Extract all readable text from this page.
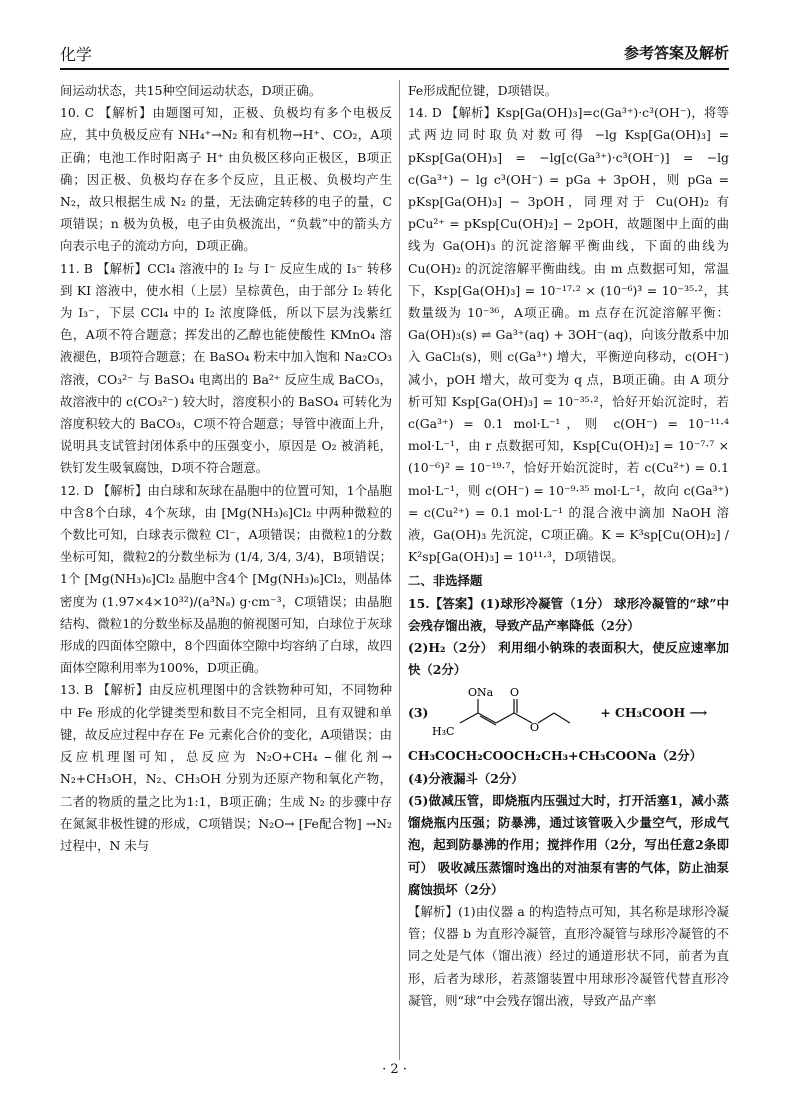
化学	参考答案及解析

间运动状态，共15种空间运动状态，D项正确。

10. C 【解析】由题图可知，正极、负极均有多个电极反应，其中负极反应有 NH₄⁺→N₂ 和有机物→H⁺、CO₂，A项正确；电池工作时阳离子 H⁺ 由负极区移向正极区，B项正确；因正极、负极均存在多个反应，且正极、负极均产生 N₂，故只根据生成 N₂ 的量，无法确定转移的电子的量，C项错误；n 极为负极，电子由负极流出，“负载”中的箭头方向表示电子的流动方向，D项正确。

11. B 【解析】CCl₄ 溶液中的 I₂ 与 I⁻ 反应生成的 I₃⁻ 转移到 KI 溶液中，使水相（上层）呈棕黄色，由于部分 I₂ 转化为 I₃⁻，下层 CCl₄ 中的 I₂ 浓度降低，所以下层为浅紫红色，A项不符合题意；挥发出的乙醇也能使酸性 KMnO₄ 溶液褪色，B项符合题意；在 BaSO₄ 粉末中加入饱和 Na₂CO₃ 溶液，CO₃²⁻ 与 BaSO₄ 电离出的 Ba²⁺ 反应生成 BaCO₃，故溶液中的 c(CO₃²⁻) 较大时，溶度积小的 BaSO₄ 可转化为溶度积较大的 BaCO₃，C项不符合题意；导管中液面上升，说明具支试管封闭体系中的压强变小，原因是 O₂ 被消耗，铁钉发生吸氧腐蚀，D项不符合题意。

12. D 【解析】由白球和灰球在晶胞中的位置可知，1个晶胞中含8个白球，4个灰球，由 [Mg(NH₃)₆]Cl₂ 中两种微粒的个数比可知，白球表示微粒 Cl⁻，A项错误；由微粒1的分数坐标可知，微粒2的分数坐标为 (1/4, 3/4, 3/4)，B项错误；1个 [Mg(NH₃)₆]Cl₂ 晶胞中含4个 [Mg(NH₃)₆]Cl₂，则晶体密度为 (1.97×4×10³²)/(a³Nₐ) g·cm⁻³，C项错误；由晶胞结构、微粒1的分数坐标及晶胞的俯视图可知，白球位于灰球形成的四面体空隙中，8个四面体空隙中均容纳了白球，故四面体空隙利用率为100%，D项正确。

13. B 【解析】由反应机理图中的含铁物种可知，不同物种中 Fe 形成的化学键类型和数目不完全相同，且有双键和单键，故反应过程中存在 Fe 元素化合价的变化，A项错误；由反应机理图可知，总反应为 N₂O+CH₄ ⎯催化剂→ N₂+CH₃OH，N₂、CH₃OH 分别为还原产物和氧化产物，二者的物质的量之比为1:1，B项正确；生成 N₂ 的步骤中存在氮氮非极性键的形成，C项错误；N₂O→ [Fe配合物] →N₂ 过程中，N 未与

Fe形成配位键，D项错误。

14. D 【解析】Ksp[Ga(OH)₃]=c(Ga³⁺)·c³(OH⁻)，将等式两边同时取负对数可得 −lg Ksp[Ga(OH)₃] = pKsp[Ga(OH)₃] = −lg[c(Ga³⁺)·c³(OH⁻)] = −lg c(Ga³⁺) − lg c³(OH⁻) = pGa + 3pOH，则 pGa = pKsp[Ga(OH)₃] − 3pOH，同理对于 Cu(OH)₂ 有 pCu²⁺ = pKsp[Cu(OH)₂] − 2pOH，故题图中上面的曲线为 Ga(OH)₃ 的沉淀溶解平衡曲线，下面的曲线为 Cu(OH)₂ 的沉淀溶解平衡曲线。由 m 点数据可知，常温下，Ksp[Ga(OH)₃] = 10⁻¹⁷·² × (10⁻⁶)³ = 10⁻³⁵·²，其数量级为 10⁻³⁶，A项正确。m 点存在沉淀溶解平衡：Ga(OH)₃(s) ⇌ Ga³⁺(aq) + 3OH⁻(aq)，向该分散系中加入 GaCl₃(s)，则 c(Ga³⁺) 增大，平衡逆向移动，c(OH⁻) 减小，pOH 增大，故可变为 q 点，B项正确。由 A 项分析可知 Ksp[Ga(OH)₃] = 10⁻³⁵·²，恰好开始沉淀时，若 c(Ga³⁺) = 0.1 mol·L⁻¹，则 c(OH⁻) = 10⁻¹¹·⁴ mol·L⁻¹，由 r 点数据可知，Ksp[Cu(OH)₂] = 10⁻⁷·⁷ × (10⁻⁶)² = 10⁻¹⁹·⁷，恰好开始沉淀时，若 c(Cu²⁺) = 0.1 mol·L⁻¹，则 c(OH⁻) = 10⁻⁹·³⁵ mol·L⁻¹，故向 c(Ga³⁺) = c(Cu²⁺) = 0.1 mol·L⁻¹ 的混合液中滴加 NaOH 溶液，Ga(OH)₃ 先沉淀，C项正确。K = K³sp[Cu(OH)₂] / K²sp[Ga(OH)₃] = 10¹¹·³，D项错误。

二、非选择题

15.【答案】(1)球形冷凝管（1分） 球形冷凝管的“球”中会残存馏出液，导致产品产率降低（2分）

(2)H₂（2分） 利用细小钠珠的表面积大，使反应速率加快（2分）

(3)
ONa
H₃C
O
O
+ CH₃COOH ⟶

CH₃COCH₂COOCH₂CH₃+CH₃COONa（2分）

(4)分液漏斗（2分）

(5)做减压管，即烧瓶内压强过大时，打开活塞1，减小蒸馏烧瓶内压强；防暴沸，通过该管吸入少量空气，形成气泡，起到防暴沸的作用；搅拌作用（2分，写出任意2条即可） 吸收减压蒸馏时逸出的对油泵有害的气体，防止油泵腐蚀损坏（2分）

【解析】(1)由仪器 a 的构造特点可知，其名称是球形冷凝管；仪器 b 为直形冷凝管，直形冷凝管与球形冷凝管的不同之处是气体（馏出液）经过的通道形状不同，前者为直形，后者为球形，若蒸馏装置中用球形冷凝管代替直形冷凝管，则“球”中会残存馏出液，导致产品产率

· 2 ·
